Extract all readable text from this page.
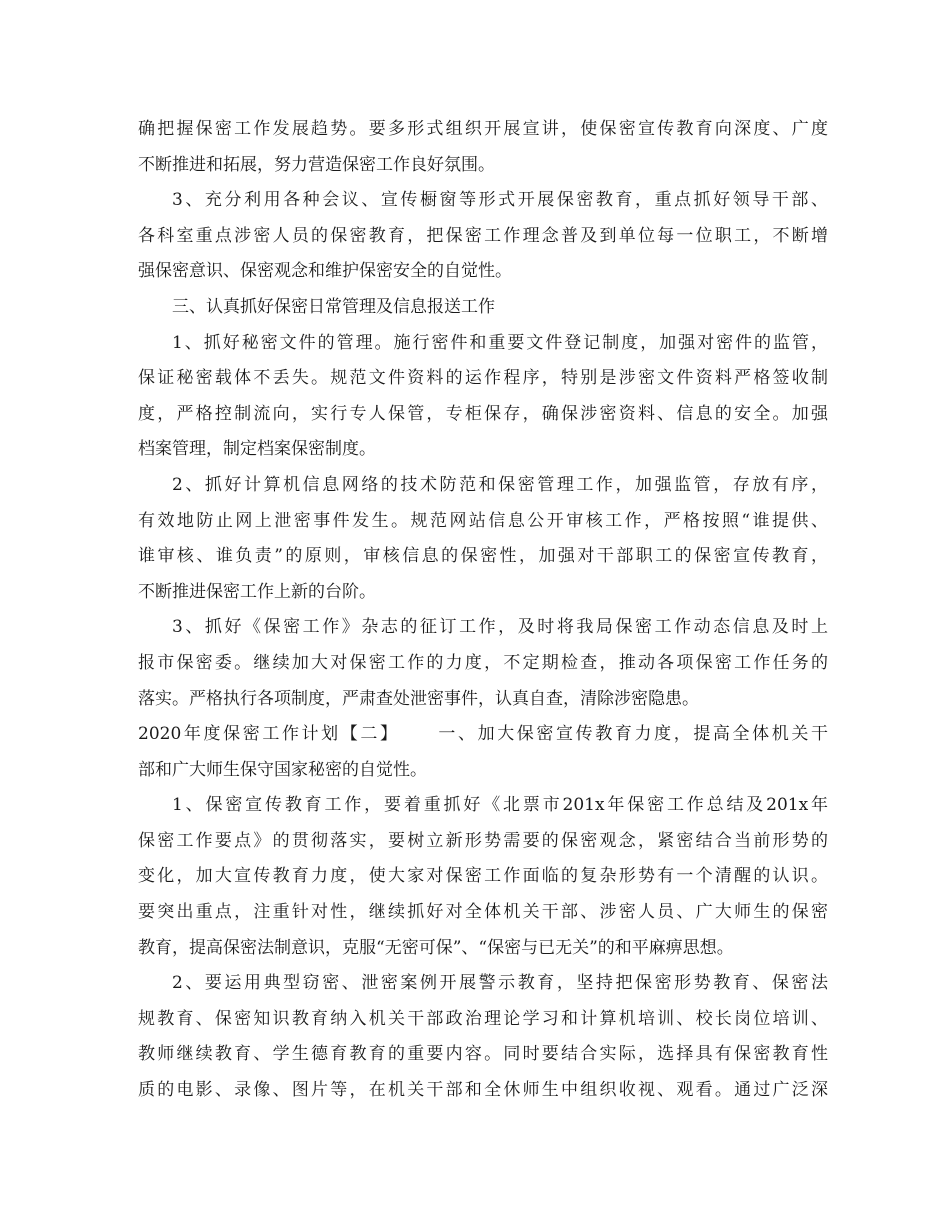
确把握保密工作发展趋势。要多形式组织开展宣讲，使保密宣传教育向深度、广度
不断推进和拓展，努力营造保密工作良好氛围。
3、充分利用各种会议、宣传橱窗等形式开展保密教育，重点抓好领导干部、
各科室重点涉密人员的保密教育，把保密工作理念普及到单位每一位职工，不断增
强保密意识、保密观念和维护保密安全的自觉性。
三、认真抓好保密日常管理及信息报送工作
1、抓好秘密文件的管理。施行密件和重要文件登记制度，加强对密件的监管，
保证秘密载体不丢失。规范文件资料的运作程序，特别是涉密文件资料严格签收制
度，严格控制流向，实行专人保管，专柜保存，确保涉密资料、信息的安全。加强
档案管理，制定档案保密制度。
2、抓好计算机信息网络的技术防范和保密管理工作，加强监管，存放有序，
有效地防止网上泄密事件发生。规范网站信息公开审核工作，严格按照“谁提供、
谁审核、谁负责”的原则，审核信息的保密性，加强对干部职工的保密宣传教育，
不断推进保密工作上新的台阶。
3、抓好《保密工作》杂志的征订工作，及时将我局保密工作动态信息及时上
报市保密委。继续加大对保密工作的力度，不定期检查，推动各项保密工作任务的
落实。严格执行各项制度，严肃查处泄密事件，认真自查，清除涉密隐患。
2020年度保密工作计划【二】　　 一、加大保密宣传教育力度，提高全体机关干
部和广大师生保守国家秘密的自觉性。
1、保密宣传教育工作，要着重抓好《北票市201x年保密工作总结及201x年
保密工作要点》的贯彻落实，要树立新形势需要的保密观念，紧密结合当前形势的
变化，加大宣传教育力度，使大家对保密工作面临的复杂形势有一个清醒的认识。
要突出重点，注重针对性，继续抓好对全体机关干部、涉密人员、广大师生的保密
教育，提高保密法制意识，克服“无密可保”、“保密与已无关”的和平麻痹思想。
2、要运用典型窃密、泄密案例开展警示教育，坚持把保密形势教育、保密法
规教育、保密知识教育纳入机关干部政治理论学习和计算机培训、校长岗位培训、
教师继续教育、学生德育教育的重要内容。同时要结合实际，选择具有保密教育性
质的电影、录像、图片等，在机关干部和全休师生中组织收视、观看。通过广泛深
